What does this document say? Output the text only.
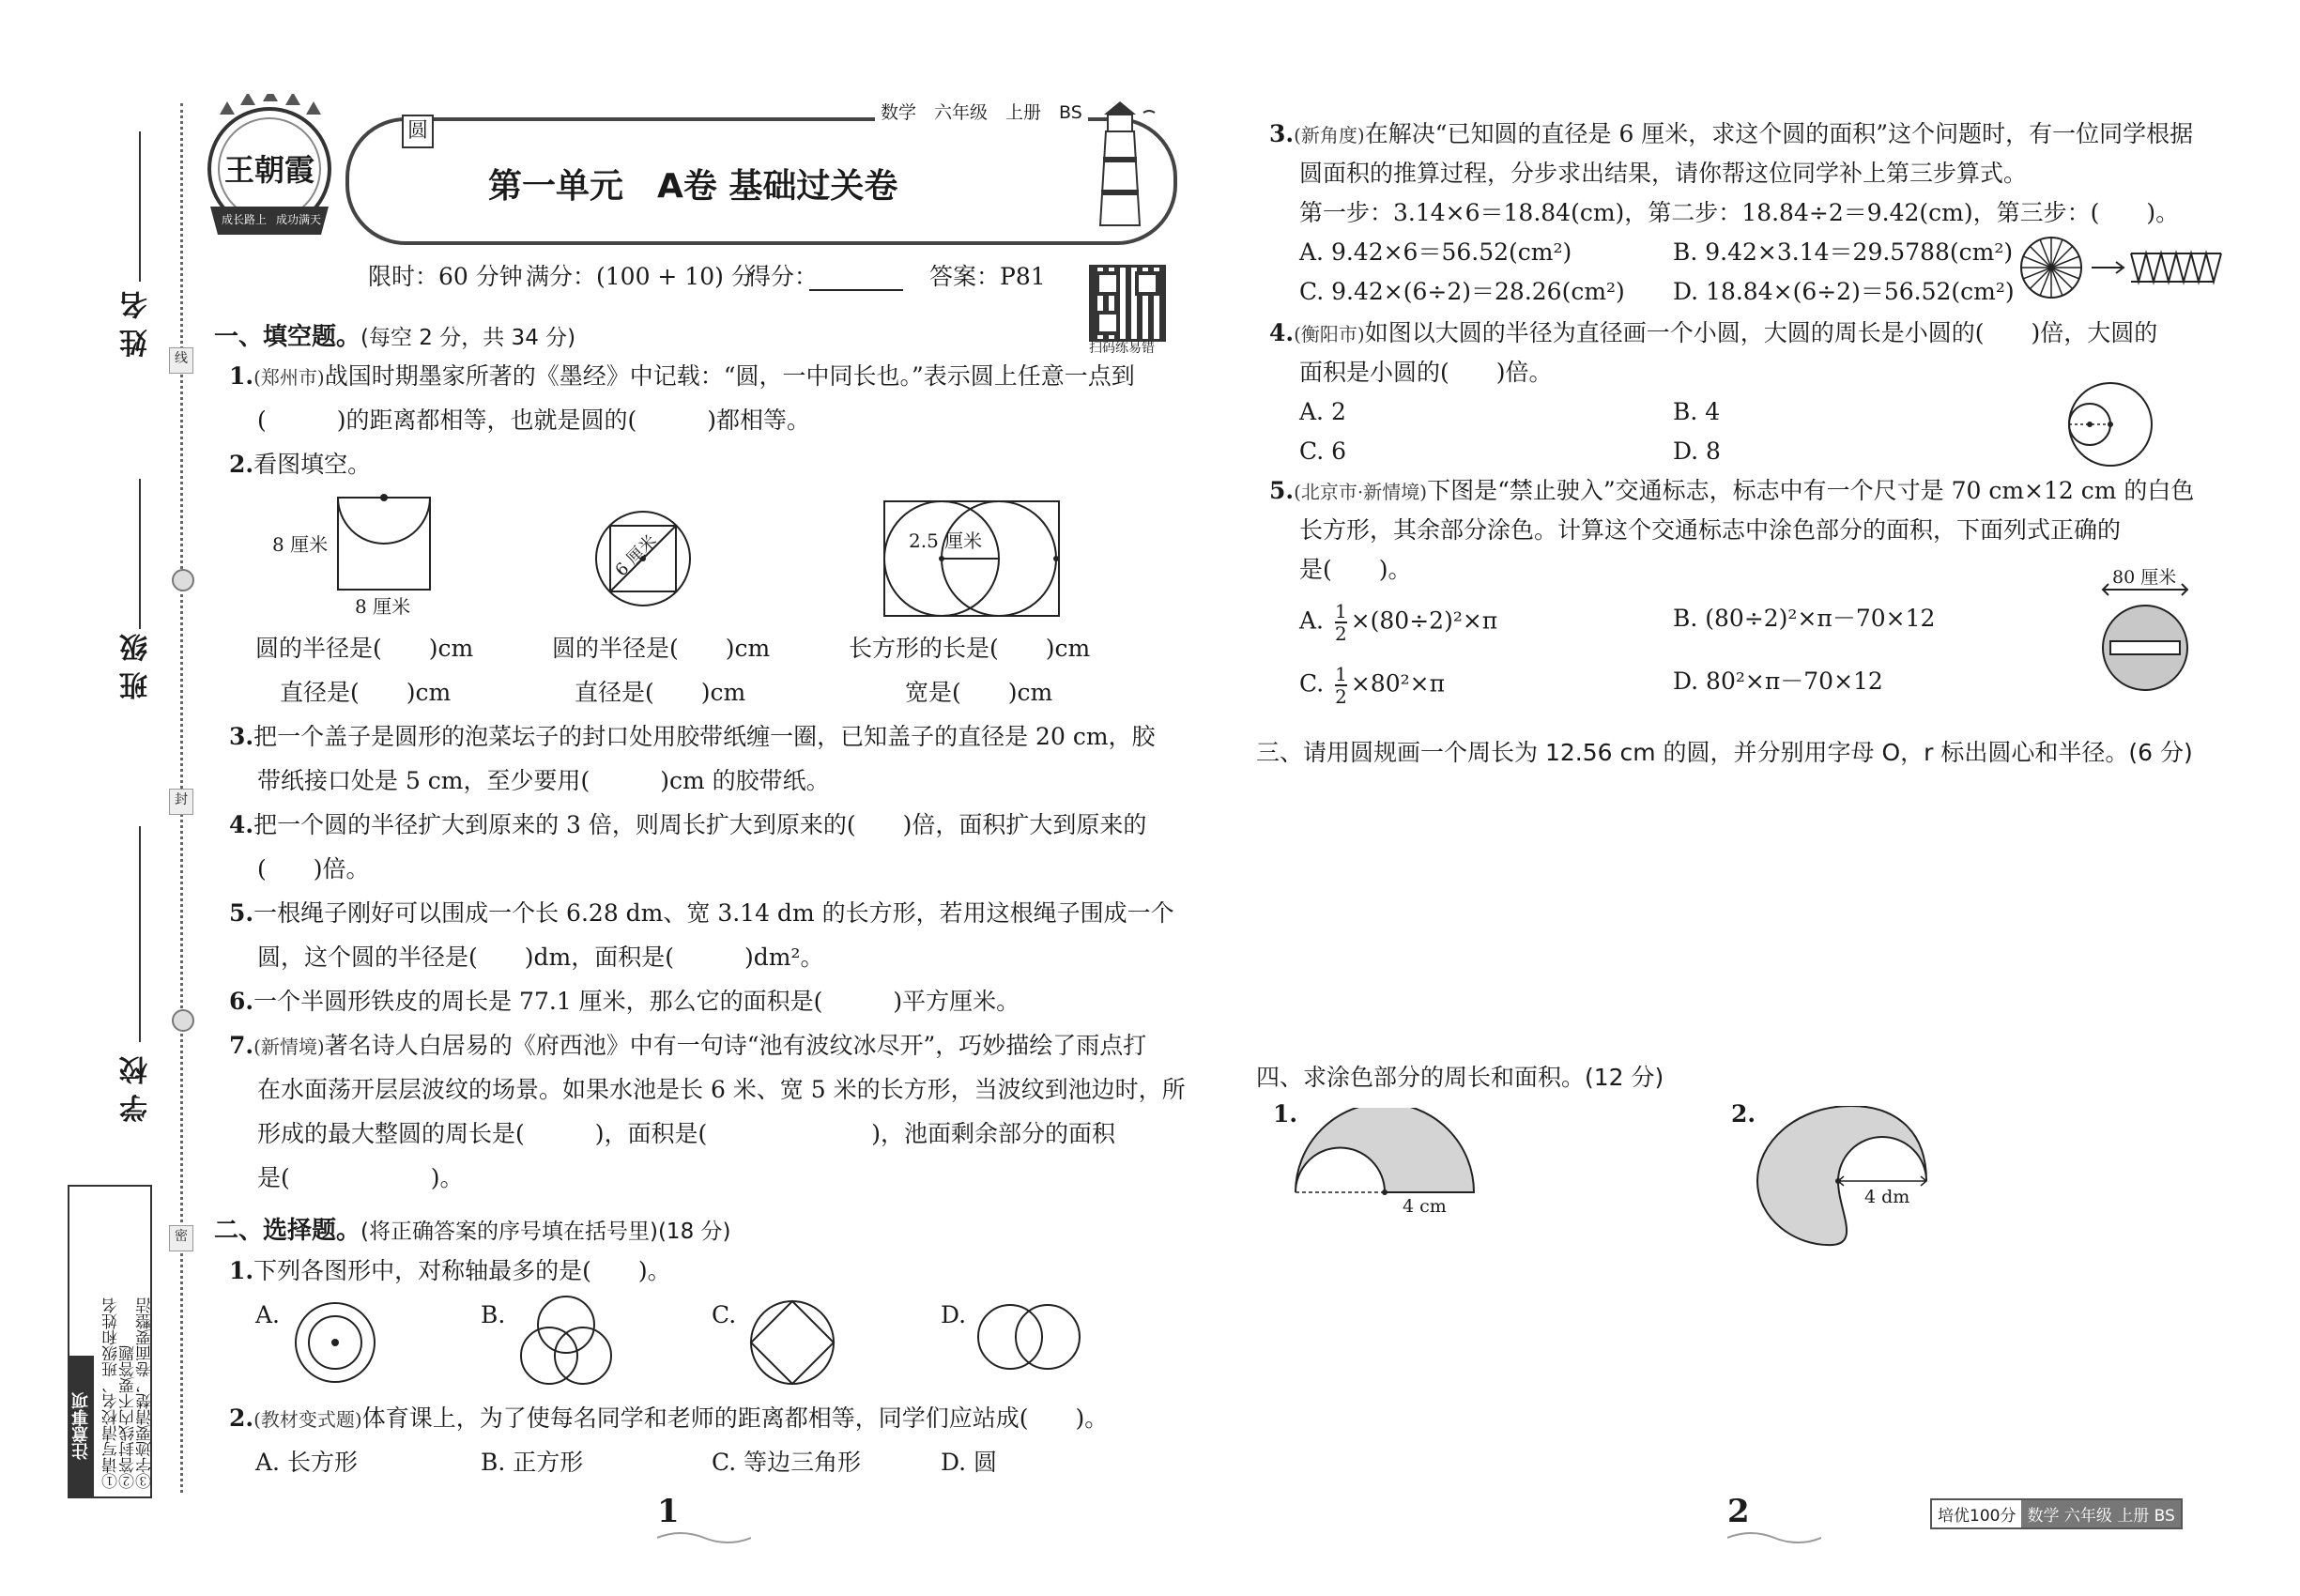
线
封
密
姓 名
班 级
学 校
注意事项 ①请写清校名、班级和姓名
②答封线内不要答题
③字迹要清楚，卷面要整洁
王朝霞
成长路上 成功满天
圆
数学　六年级　上册　BS
第一单元　A卷 基础过关卷
限时：60 分钟 满分：(100 + 10) 分
得分：	答案：P81
扫码练易错
一、填空题。(每空 2 分，共 34 分)
1.(郑州市)战国时期墨家所著的《墨经》中记载：“圆，一中同长也。”表示圆上任意一点到
(　　　)的距离都相等，也就是圆的(　　　)都相等。
2.看图填空。
8 厘米
8 厘米
6 厘米	2.5 厘米
圆的半径是(　　)cm
直径是(　　)cm
圆的半径是(　　)cm
直径是(　　)cm
长方形的长是(　　)cm
宽是(　　)cm
3.把一个盖子是圆形的泡菜坛子的封口处用胶带纸缠一圈，已知盖子的直径是 20 cm，胶
带纸接口处是 5 cm，至少要用(　　　)cm 的胶带纸。
4.把一个圆的半径扩大到原来的 3 倍，则周长扩大到原来的(　　)倍，面积扩大到原来的
(　　)倍。
5.一根绳子刚好可以围成一个长 6.28 dm、宽 3.14 dm 的长方形，若用这根绳子围成一个
圆，这个圆的半径是(　　)dm，面积是(　　　)dm²。
6.一个半圆形铁皮的周长是 77.1 厘米，那么它的面积是(　　　)平方厘米。
7.(新情境)著名诗人白居易的《府西池》中有一句诗“池有波纹冰尽开”，巧妙描绘了雨点打
在水面荡开层层波纹的场景。如果水池是长 6 米、宽 5 米的长方形，当波纹到池边时，所
形成的最大整圆的周长是(　　　)，面积是(　　　　　　　)，池面剩余部分的面积
是(　　　　　　)。
二、选择题。(将正确答案的序号填在括号里)(18 分)
1.下列各图形中，对称轴最多的是(　　)。
A.	B.	C.	D.
2.(教材变式题)体育课上，为了使每名同学和老师的距离都相等，同学们应站成(　　)。
A. 长方形	B. 正方形	C. 等边三角形	D. 圆
1
3.(新角度)在解决“已知圆的直径是 6 厘米，求这个圆的面积”这个问题时，有一位同学根据
圆面积的推算过程，分步求出结果，请你帮这位同学补上第三步算式。
第一步：3.14×6＝18.84(cm)，第二步：18.84÷2＝9.42(cm)，第三步：(　　)。
A. 9.42×6＝56.52(cm²)	B. 9.42×3.14＝29.5788(cm²)
C. 9.42×(6÷2)＝28.26(cm²) D. 18.84×(6÷2)＝56.52(cm²)
4.(衡阳市)如图以大圆的半径为直径画一个小圆，大圆的周长是小圆的(　　)倍，大圆的
面积是小圆的(　　)倍。
A. 2	B. 4
C. 6	D. 8
5.(北京市·新情境)下图是“禁止驶入”交通标志，标志中有一个尺寸是 70 cm×12 cm 的白色
长方形，其余部分涂色。计算这个交通标志中涂色部分的面积，下面列式正确的
是(　　)。
A. $\frac{1}{2} \times(80\div 2)^2\times\pi$	B. (80÷2)²×π－70×12
C. $\frac{1}{2} \times 80^2\times\pi$	D. 80²×π－70×12
80 厘米
三、请用圆规画一个周长为 12.56 cm 的圆，并分别用字母 O，r 标出圆心和半径。(6 分)
四、求涂色部分的周长和面积。(12 分)
1.
4 cm
2.
4 dm
2	培优100分 数学 六年级 上册 BS
